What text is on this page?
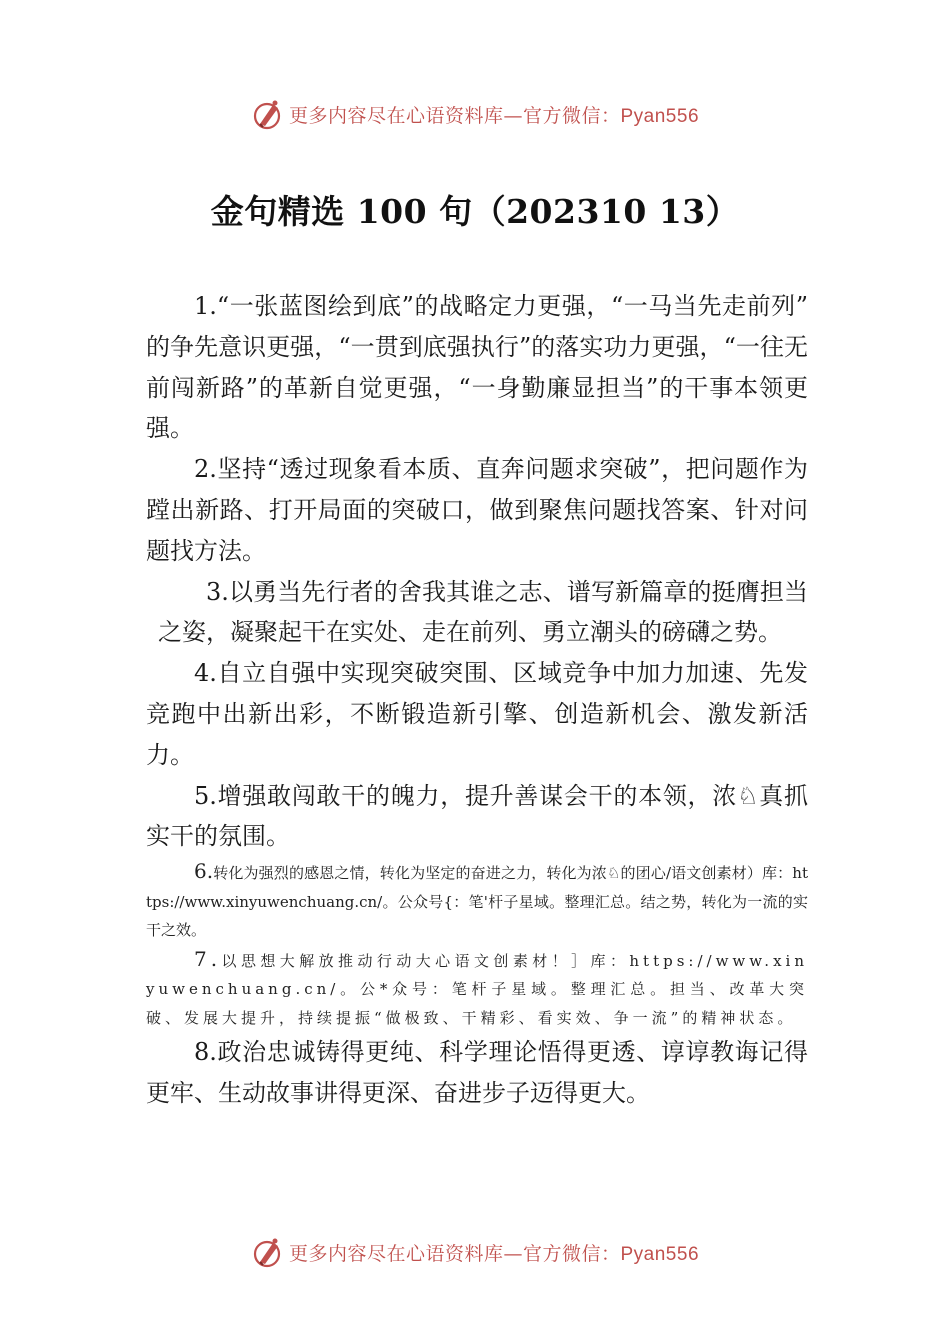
更多内容尽在心语资料库—官方微信：Pyan556
金句精选 100 句（202310 13）

1.“一张蓝图绘到底”的战略定力更强，“一马当先走前列” 的争先意识更强，“一贯到底强执行”的落实功力更强，“一往无前闯新路”的革新自觉更强，“一身勤廉显担当”的干事本领更强。

2.坚持“透过现象看本质、直奔问题求突破”，把问题作为蹚出新路、打开局面的突破口，做到聚焦问题找答案、针对问题找方法。

3.以勇当先行者的舍我其谁之志、谱写新篇章的挺膺担当之姿，凝聚起干在实处、走在前列、勇立潮头的磅礴之势。

4.自立自强中实现突破突围、区域竞争中加力加速、先发竞跑中出新出彩，不断锻造新引擎、创造新机会、激发新活力。

5.增强敢闯敢干的魄力，提升善谋会干的本领，浓♘真抓实干的氛围。

6.转化为强烈的感恩之情，转化为坚定的奋进之力，转化为浓♘的团心/语文创素材）库：https://www.xinyuwenchuang.cn/。公众号{：笔'杆子星域。整理汇总。结之势，转化为一流的实干之效。

7.以思想大解放推动行动大心语文创素材！］库：https://www.xinyuwenchuang.cn/。公*众号：笔杆子星域。整理汇总。担当、改革大突破、发展大提升，持续提振“做极致、干精彩、看实效、争一流”的精神状态。

8.政治忠诚铸得更纯、科学理论悟得更透、谆谆教诲记得更牢、生动故事讲得更深、奋进步子迈得更大。

更多内容尽在心语资料库—官方微信：Pyan556
